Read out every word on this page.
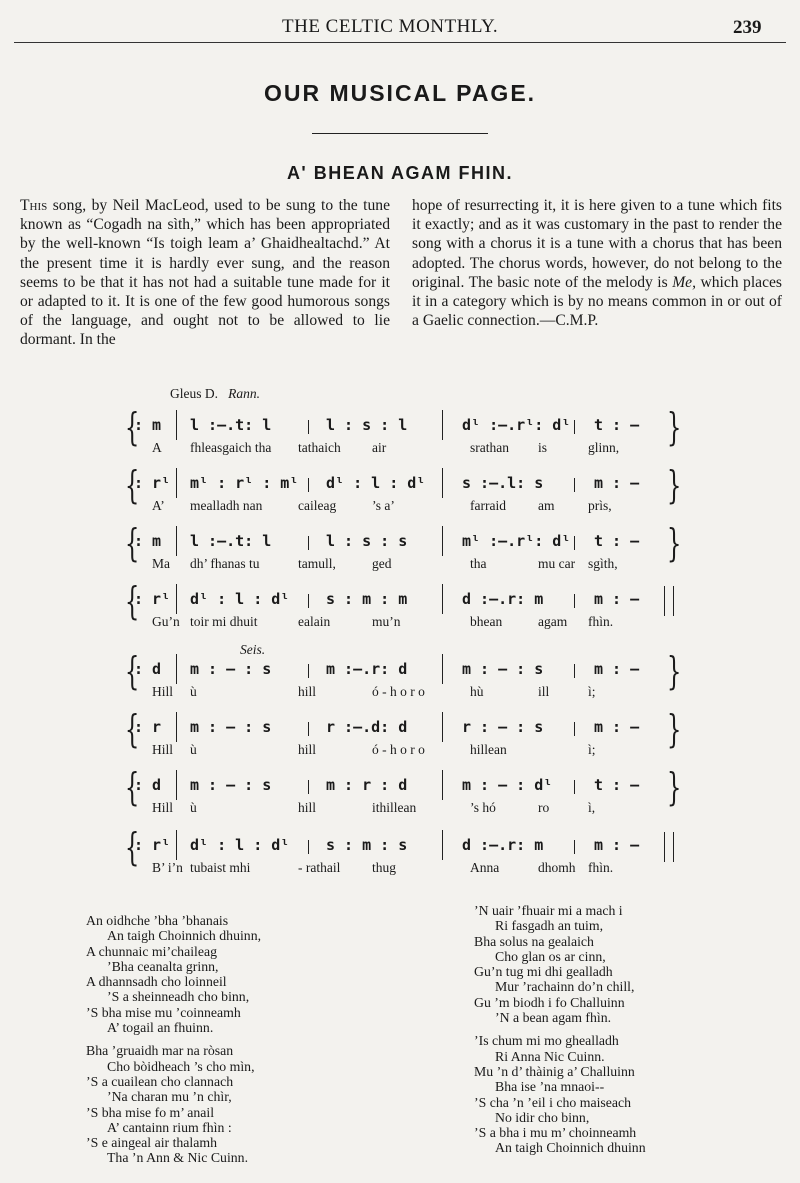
THE CELTIC MONTHLY.	239
OUR MUSICAL PAGE.
A' BHEAN AGAM FHIN.
This song, by Neil MacLeod, used to be sung to the tune known as “Cogadh na sìth,” which has been appropriated by the well-known “Is toigh leam a’ Ghaidhealtachd.” At the present time it is hardly ever sung, and the reason seems to be that it has not had a suitable tune made for it or adapted to it. It is one of the few good humorous songs of the language, and ought not to be allowed to lie dormant. In the
hope of resurrecting it, it is here given to a tune which fits it exactly; and as it was customary in the past to render the song with a chorus it is a tune with a chorus that has been adopted. The chorus words, however, do not belong to the original. The basic note of the melody is Me, which places it in a category which is by no means common in or out of a Gaelic connection.—C.M.P.
Gleus D. Rann.
Seis.
{
: m l :—.t: l	l : s : l	dˡ :—.rˡ: dˡ t : —
A fhleasgaich tha tathaich air	srathan is	glinn, }
{
: rˡ mˡ : rˡ : mˡ dˡ : l : dˡ s :—.l: s	m : —
A’ mealladh nan	caileag	’s a’	farraid am prìs, }
{
: m l :—.t: l	l : s : s	mˡ :—.rˡ: dˡ t : —
Ma dh’ fhanas tu	tamull,	ged	tha	mu car sgìth, }
{
: rˡ dˡ : l : dˡ s : m : m	d :—.r: m	m : —
Gu’n toir mi dhuit	ealain	mu’n	bhean	agam fhìn.
{
: d m : — : s	m :—.r: d	m : — : s	m : —
Hill ù	hill	ó - h o r o	hù	ill	ì; }
{
: r m : — : s	r :—.d: d	r : — : s	m : —
Hill ù	hill	ó - h o r o	hillean	ì; }
{
: d m : — : s	m : r : d	m : — : dˡ	t : —
Hill ù	hill	ithillean	’s hó	ro	ì, }
{
: rˡ dˡ : l : dˡ s : m : s	d :—.r: m	m : —
B’ i’n tubaist mhi	- rathail thug	Anna	dhomh fhìn.
An oidhche ’bha ’bhanais
An taigh Choinnich dhuinn,
A chunnaic mi’chaileag
’Bha ceanalta grinn,
A dhannsadh cho loinneil
’S a sheinneadh cho binn,
’S bha mise mu ’coinneamh
A’ togail an fhuinn.
Bha ’gruaidh mar na ròsan
Cho bòidheach ’s cho mìn,
’S a cuailean cho clannach
’Na charan mu ’n chìr,
’S bha mise fo m’ anail
A’ cantainn rium fhìn :
’S e aingeal air thalamh
Tha ’n Ann & Nic Cuinn.
’N uair ’fhuair mi a mach i
Ri fasgadh an tuim,
Bha solus na gealaich
Cho glan os ar cinn,
Gu’n tug mi dhi gealladh
Mur ’rachainn do’n chill,
Gu ’m biodh i fo Challuinn
’N a bean agam fhìn.
’Is chum mi mo ghealladh
Ri Anna Nic Cuinn.
Mu ’n d’ thàinig a’ Challuinn
Bha ise ’na mnaoi--
’S cha ’n ’eil i cho maiseach
No idir cho binn,
’S a bha i mu m’ choinneamh
An taigh Choinnich dhuinn
